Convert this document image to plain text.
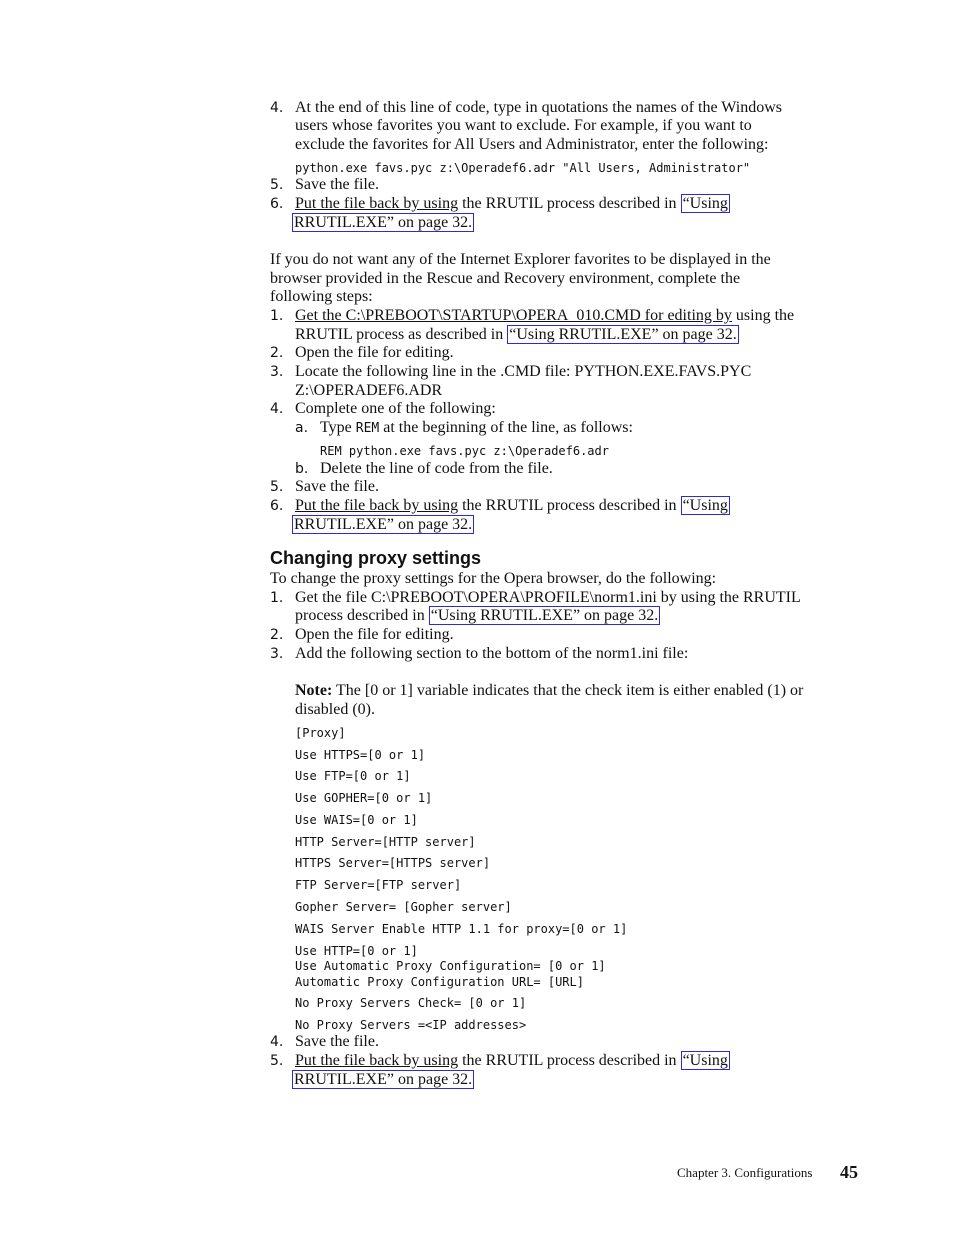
4. At the end of this line of code, type in quotations the names of the Windows
users whose favorites you want to exclude. For example, if you want to
exclude the favorites for All Users and Administrator, enter the following:
python.exe favs.pyc z:\Operadef6.adr "All Users, Administrator"
5. Save the file.
6. Put the file back by using the RRUTIL process described in “Using
RRUTIL.EXE” on page 32.
If you do not want any of the Internet Explorer favorites to be displayed in the
browser provided in the Rescue and Recovery environment, complete the
following steps:
1. Get the C:\PREBOOT\STARTUP\OPERA_010.CMD for editing by using the
RRUTIL process as described in “Using RRUTIL.EXE” on page 32.
2. Open the file for editing.
3. Locate the following line in the .CMD file: PYTHON.EXE.FAVS.PYC
Z:\OPERADEF6.ADR
4. Complete one of the following:
a. Type REM at the beginning of the line, as follows:
REM python.exe favs.pyc z:\Operadef6.adr
b. Delete the line of code from the file.
5. Save the file.
6. Put the file back by using the RRUTIL process described in “Using
RRUTIL.EXE” on page 32.
Changing proxy settings
To change the proxy settings for the Opera browser, do the following:
1. Get the file C:\PREBOOT\OPERA\PROFILE\norm1.ini by using the RRUTIL
process described in “Using RRUTIL.EXE” on page 32.
2. Open the file for editing.
3. Add the following section to the bottom of the norm1.ini file:
Note: The [0 or 1] variable indicates that the check item is either enabled (1) or
disabled (0).
[Proxy]
Use HTTPS=[0 or 1]
Use FTP=[0 or 1]
Use GOPHER=[0 or 1]
Use WAIS=[0 or 1]
HTTP Server=[HTTP server]
HTTPS Server=[HTTPS server]
FTP Server=[FTP server]
Gopher Server= [Gopher server]
WAIS Server Enable HTTP 1.1 for proxy=[0 or 1]
Use HTTP=[0 or 1]
Use Automatic Proxy Configuration= [0 or 1]
Automatic Proxy Configuration URL= [URL]
No Proxy Servers Check= [0 or 1]
No Proxy Servers =<IP addresses>
4. Save the file.
5. Put the file back by using the RRUTIL process described in “Using
RRUTIL.EXE” on page 32.
Chapter 3. Configurations 45
